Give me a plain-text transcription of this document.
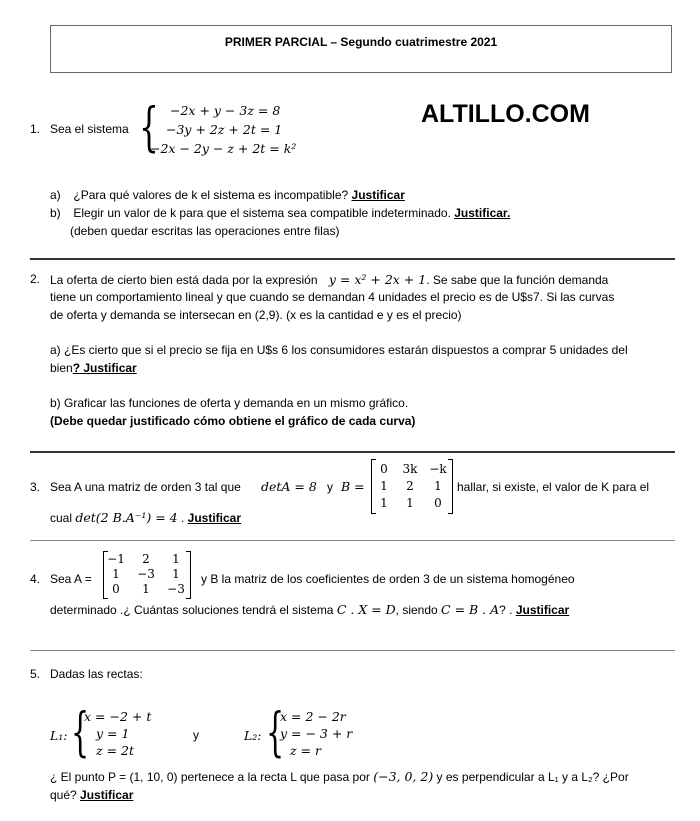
PRIMER PARCIAL – Segundo cuatrimestre 2021
1. Sea el sistema { −2x + y − 3z = 8
−3y + 2z + 2t = 1
−2x − 2y − z + 2t = k²
ALTILLO.COM
a) ¿Para qué valores de k el sistema es incompatible? Justificar
b) Elegir un valor de k para que el sistema sea compatible indeterminado. Justificar.
(deben quedar escritas las operaciones entre filas)
2. La oferta de cierto bien está dada por la expresión y = x² + 2x + 1. Se sabe que la función demanda
tiene un comportamiento lineal y que cuando se demandan 4 unidades el precio es de U$s7. Si las curvas
de oferta y demanda se intersecan en (2,9). (x es la cantidad e y es el precio)
a) ¿Es cierto que si el precio se fija en U$s 6 los consumidores estarán dispuestos a comprar 5 unidades del
bien? Justificar
b) Graficar las funciones de oferta y demanda en un mismo gráfico.
(Debe quedar justificado cómo obtiene el gráfico de cada curva)
3. Sea A una matriz de orden 3 tal que detA = 8 y B =
0	3k −k
1	2	1
1	1	0
hallar, si existe, el valor de K para el
cual det(2 B.A⁻¹) = 4 . Justificar
4. Sea A =
−1	2	1
1	−3	1
0	1	−3
y B la matriz de los coeficientes de orden 3 de un sistema homogéneo
determinado .¿ Cuántas soluciones tendrá el sistema C . X = D, siendo C = B . A? . Justificar
5. Dadas las rectas:
L₁: {
x = −2 + t
y = 1
z = 2t
y	L₂: {
x = 2 − 2r
y = − 3 + r
z = r
¿ El punto P = (1, 10, 0) pertenece a la recta L que pasa por (−3, 0, 2) y es perpendicular a L₁ y a L₂? ¿Por
qué? Justificar
